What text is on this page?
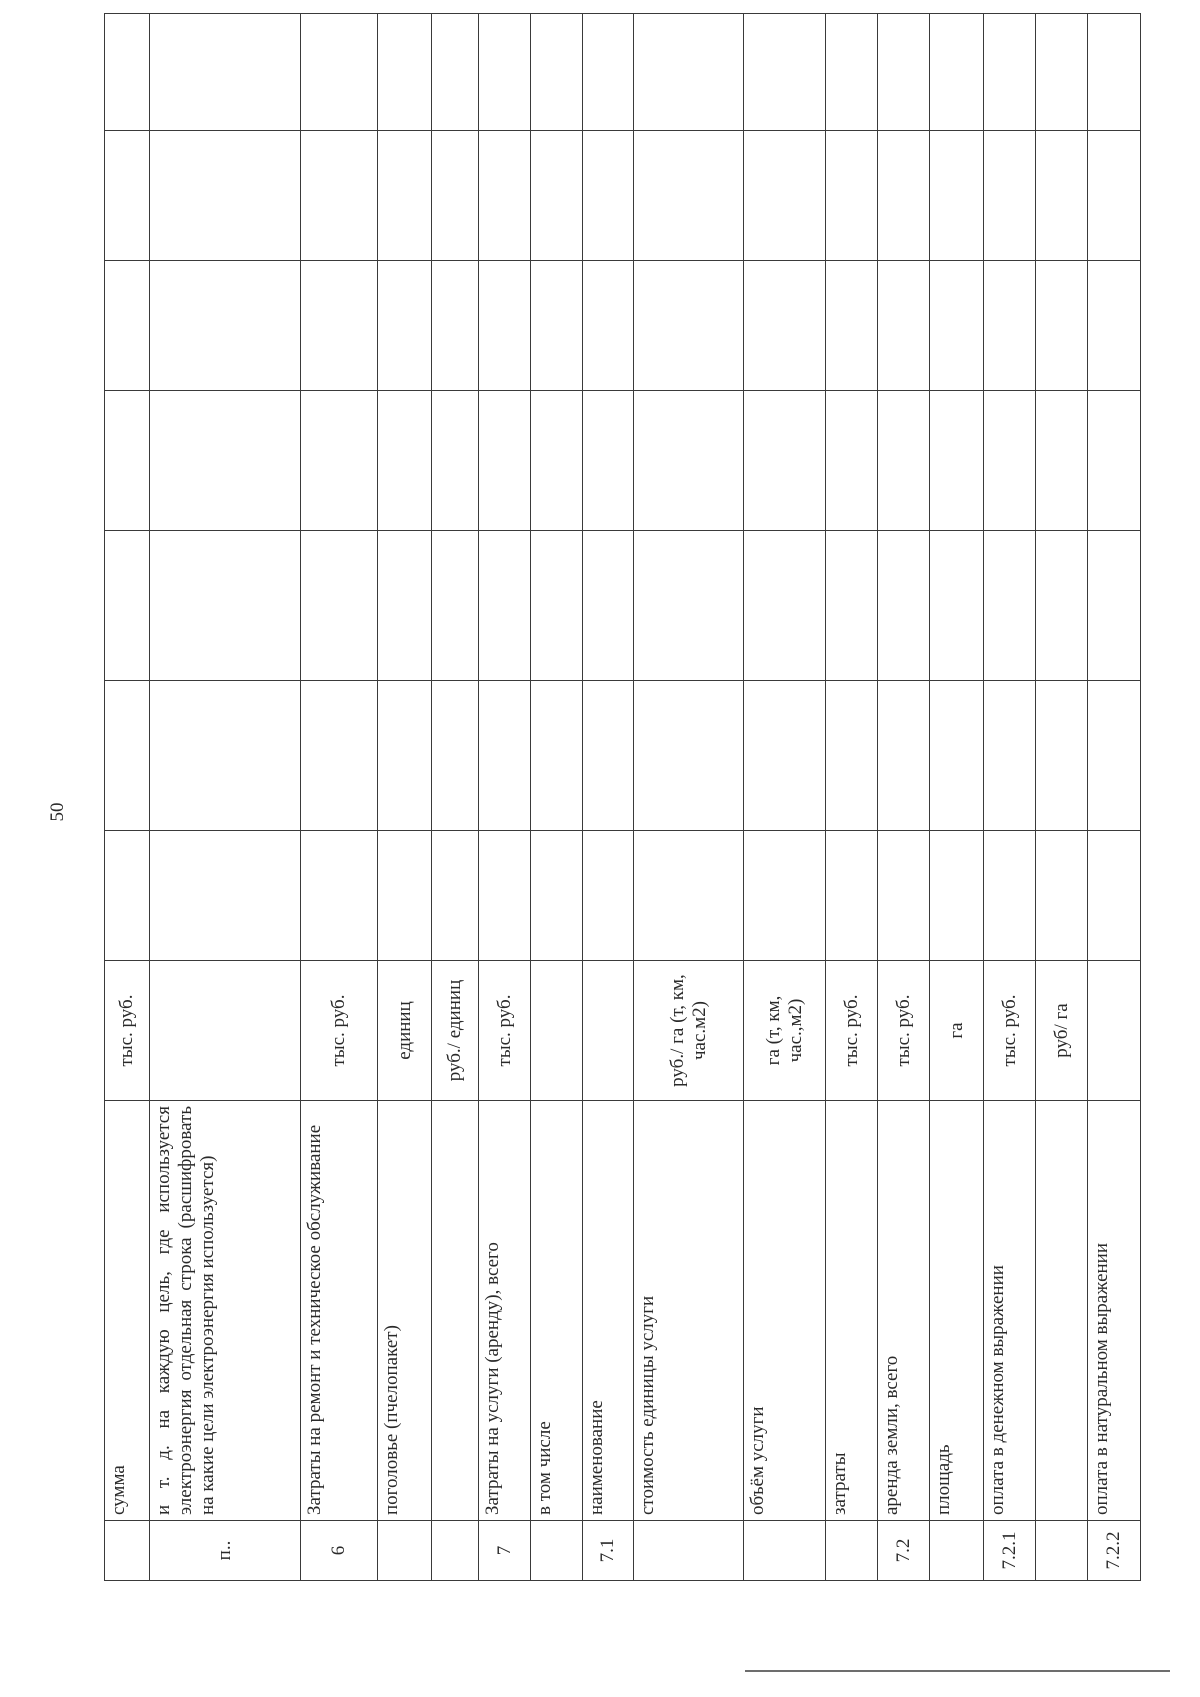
50
	сумма	тыс. руб.							
п..	и т. д. на каждую цель, где используется электроэнергия отдельная строка (расшифровать на какие цели электроэнергия используется)								
6	Затраты на ремонт и техническое обслуживание	тыс. руб.							
	поголовье (пчелопакет)	единиц							
		руб./ единиц							
7	Затраты на услуги (аренду), всего	тыс. руб.							
	в том числе								
7.1	наименование								
	стоимость единицы услуги	руб./ га (т, км, час.м2)							
	объём услуги	га (т, км, час.,м2)							
	затраты	тыс. руб.							
7.2	аренда земли, всего	тыс. руб.							
	площадь	га							
7.2.1	оплата в денежном выражении	тыс. руб.							
		руб/ га							
7.2.2	оплата в натуральном выражении								
